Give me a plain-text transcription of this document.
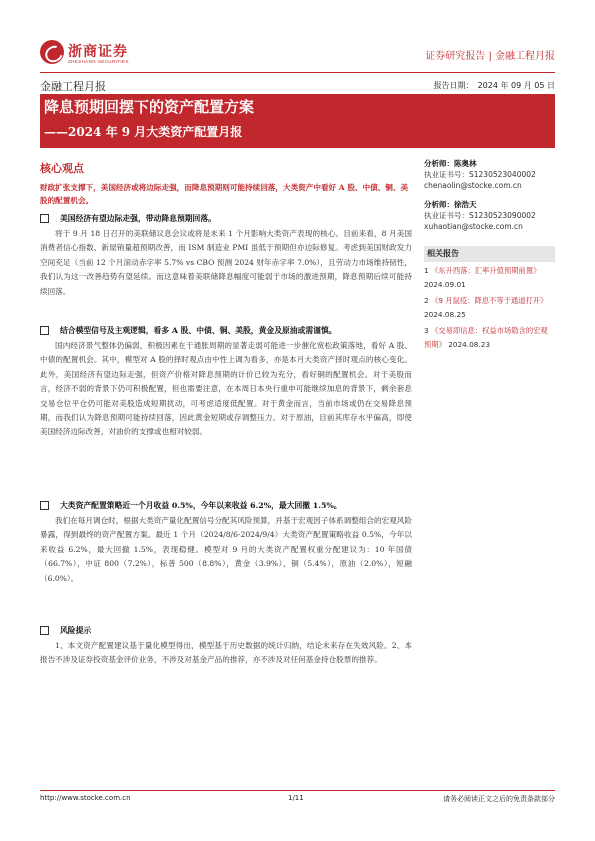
浙商证券
ZHESHANG SECURITIES	证券研究报告 | 金融工程月报
金融工程月报	报告日期： 2024 年 09 月 05 日
降息预期回摆下的资产配置方案
——2024 年 9 月大类资产配置月报
核心观点
财政扩张支撑下，美国经济或将边际走强，而降息预期则可能持续回落，大类资产中看好 A 股、中债、铜、美股的配置机会。
美国经济有望边际走强，带动降息预期回落。
将于 9 月 18 日召开的美联储议息会议或将是未来 1 个月影响大类资产表现的核心。目前来看，8 月美国消费者信心指数、新屋销量超预期改善，而 ISM 制造业 PMI 虽低于预期但亦边际修复。考虑到美国财政发力空间充足（当前 12 个月滚动赤字率 5.7% vs CBO 预测 2024 财年赤字率 7.0%），且劳动力市场维持韧性，我们认为这一改善趋势有望延续。而这意味着美联储降息幅度可能弱于市场的激进预期，降息预期后续可能持续回落。
结合模型信号及主观逻辑，看多 A 股、中债、铜、美股，黄金及原油或需谨慎。
国内经济景气整体仍偏弱，积极因素在于通胀周期的显著走弱可能进一步催化宽松政策落地，看好 A 股、中债的配置机会。其中，模型对 A 股的择时观点由中性上调为看多，亦是本月大类资产择时观点的核心变化。此外，美国经济有望边际走强，但资产价格对降息预期的计价已较为充分，看好铜的配置机会。对于美股而言，经济不弱的背景下仍可积极配置，但也需要注意，在本周日本央行重申可能继续加息的背景下，剩余套息交易仓位平仓仍可能对美股造成短期扰动，可考虑适度低配置。对于黄金而言，当前市场或仍在交易降息预期，而我们认为降息预期可能持续回落，因此黄金短期或存调整压力。对于原油，目前其库存水平偏高，即使美国经济边际改善，对油价的支撑或也相对较弱。
大类资产配置策略近一个月收益 0.5%，今年以来收益 6.2%，最大回撤 1.5%。
我们在每月调仓时，根据大类资产量化配置信号分配其风险预算，并基于宏观因子体系调整组合的宏观风险暴露，得到最终的资产配置方案。最近 1 个月（2024/8/6-2024/9/4）大类资产配置策略收益 0.5%，今年以来收益 6.2%，最大回撤 1.5%，表现稳健。模型对 9 月的大类资产配置权重分配建议为：10 年国债（66.7%），中证 800（7.2%），标普 500（8.8%），黄金（3.9%），铜（5.4%），原油（2.0%），短融（6.0%）。
风险提示
1、本文资产配置建议基于量化模型得出，模型基于历史数据的统计归纳，结论未来存在失效风险。2、本报告不涉及证券投资基金评价业务，不涉及对基金产品的推荐，亦不涉及对任何基金持仓股票的推荐。
分析师：陈奥林
执业证书号：S1230523040002
chenaolin@stocke.com.cn
分析师：徐浩天
执业证书号：S1230523090002
xuhaotian@stocke.com.cn
相关报告
1 《东升西落：汇率升值预期前置》 2024.09.01
2 《9 月鼠疫：降息不等于通道打开》 2024.08.25
3 《交易即信息：权益市场隐含的宏观预期》 2024.08.23
http://www.stocke.com.cn	1/11	请务必阅读正文之后的免责条款部分
